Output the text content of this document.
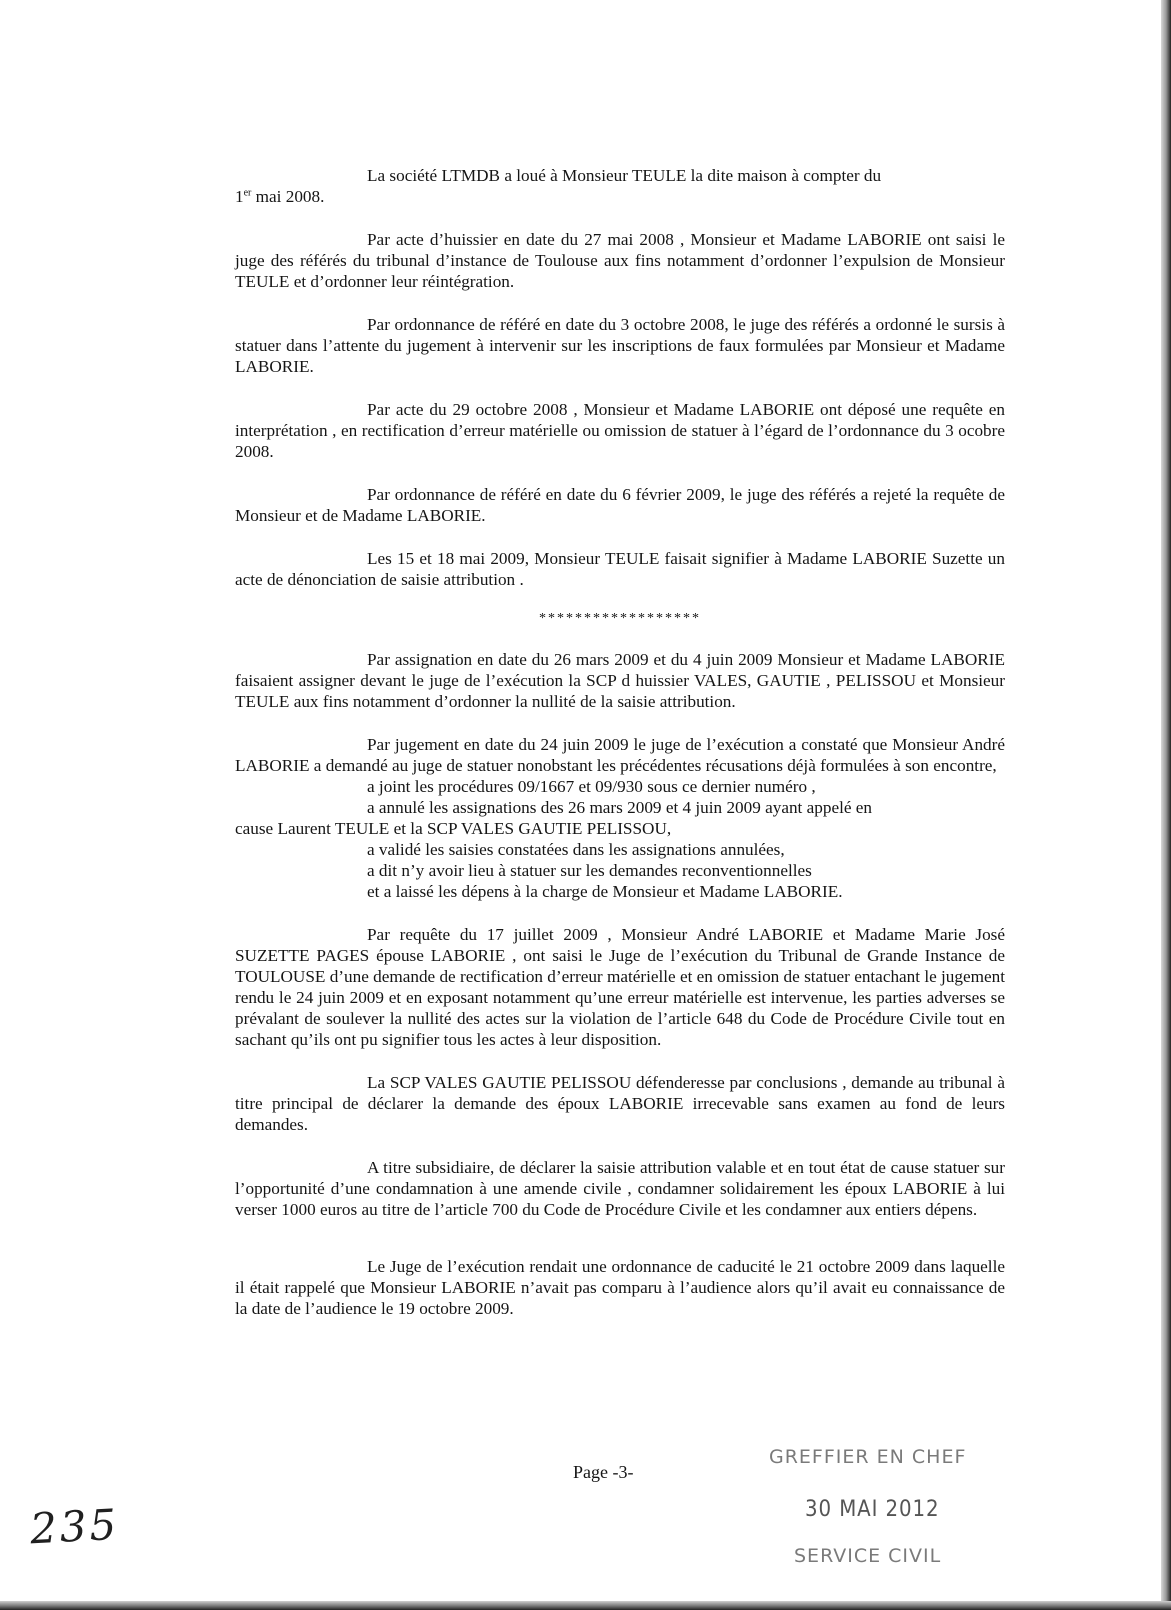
La société LTMDB a loué à Monsieur TEULE la dite maison à compter du
1er mai 2008.

Par acte d’huissier en date du 27 mai 2008 , Monsieur et Madame LABORIE ont saisi le juge des référés du tribunal d’instance de Toulouse aux fins notamment d’ordonner l’expulsion de Monsieur TEULE et d’ordonner leur réintégration.

Par ordonnance de référé en date du 3 octobre 2008, le juge des référés a ordonné le sursis à statuer dans l’attente du jugement à intervenir sur les inscriptions de faux formulées par Monsieur et Madame LABORIE.

Par acte du 29 octobre 2008 , Monsieur et Madame LABORIE ont déposé une requête en interprétation , en rectification d’erreur matérielle ou omission de statuer à l’égard de l’ordonnance du 3 ocobre 2008.

Par ordonnance de référé en date du 6 février 2009, le juge des référés a rejeté la requête de Monsieur et de Madame LABORIE.

Les 15 et 18 mai 2009, Monsieur TEULE faisait signifier à Madame LABORIE Suzette un acte de dénonciation de saisie attribution .

******************

Par assignation en date du 26 mars 2009 et du 4 juin 2009 Monsieur et Madame LABORIE faisaient assigner devant le juge de l’exécution la SCP d huissier VALES, GAUTIE , PELISSOU et Monsieur TEULE aux fins notamment d’ordonner la nullité de la saisie attribution.

Par jugement en date du 24 juin 2009 le juge de l’exécution a constaté que Monsieur André LABORIE a demandé au juge de statuer nonobstant les précédentes récusations déjà formulées à son encontre,
a joint les procédures 09/1667 et 09/930 sous ce dernier numéro ,
a annulé les assignations des 26 mars 2009 et 4 juin 2009 ayant appelé en
cause Laurent TEULE et la SCP VALES GAUTIE PELISSOU,
a validé les saisies constatées dans les assignations annulées,
a dit n’y avoir lieu à statuer sur les demandes reconventionnelles
et a laissé les dépens à la charge de Monsieur et Madame LABORIE.

Par requête du 17 juillet 2009 , Monsieur André LABORIE et Madame Marie José SUZETTE PAGES épouse LABORIE , ont saisi le Juge de l’exécution du Tribunal de Grande Instance de TOULOUSE d’une demande de rectification d’erreur matérielle et en omission de statuer entachant le jugement rendu le 24 juin 2009 et en exposant notamment qu’une erreur matérielle est intervenue, les parties adverses se prévalant de soulever la nullité des actes sur la violation de l’article 648 du Code de Procédure Civile tout en sachant qu’ils ont pu signifier tous les actes à leur disposition.

La SCP VALES GAUTIE PELISSOU défenderesse par conclusions , demande au tribunal à titre principal de déclarer la demande des époux LABORIE irrecevable sans examen au fond de leurs demandes.

A titre subsidiaire, de déclarer la saisie attribution valable et en tout état de cause statuer sur l’opportunité d’une condamnation à une amende civile , condamner solidairement les époux LABORIE à lui verser 1000 euros au titre de l’article 700 du Code de Procédure Civile et les condamner aux entiers dépens.

Le Juge de l’exécution rendait une ordonnance de caducité le 21 octobre 2009 dans laquelle il était rappelé que Monsieur LABORIE n’avait pas comparu à l’audience alors qu’il avait eu connaissance de la date de l’audience le 19 octobre 2009.

Page -3-
GREFFIER EN CHEF
30 MAI 2012
SERVICE CIVIL
235
